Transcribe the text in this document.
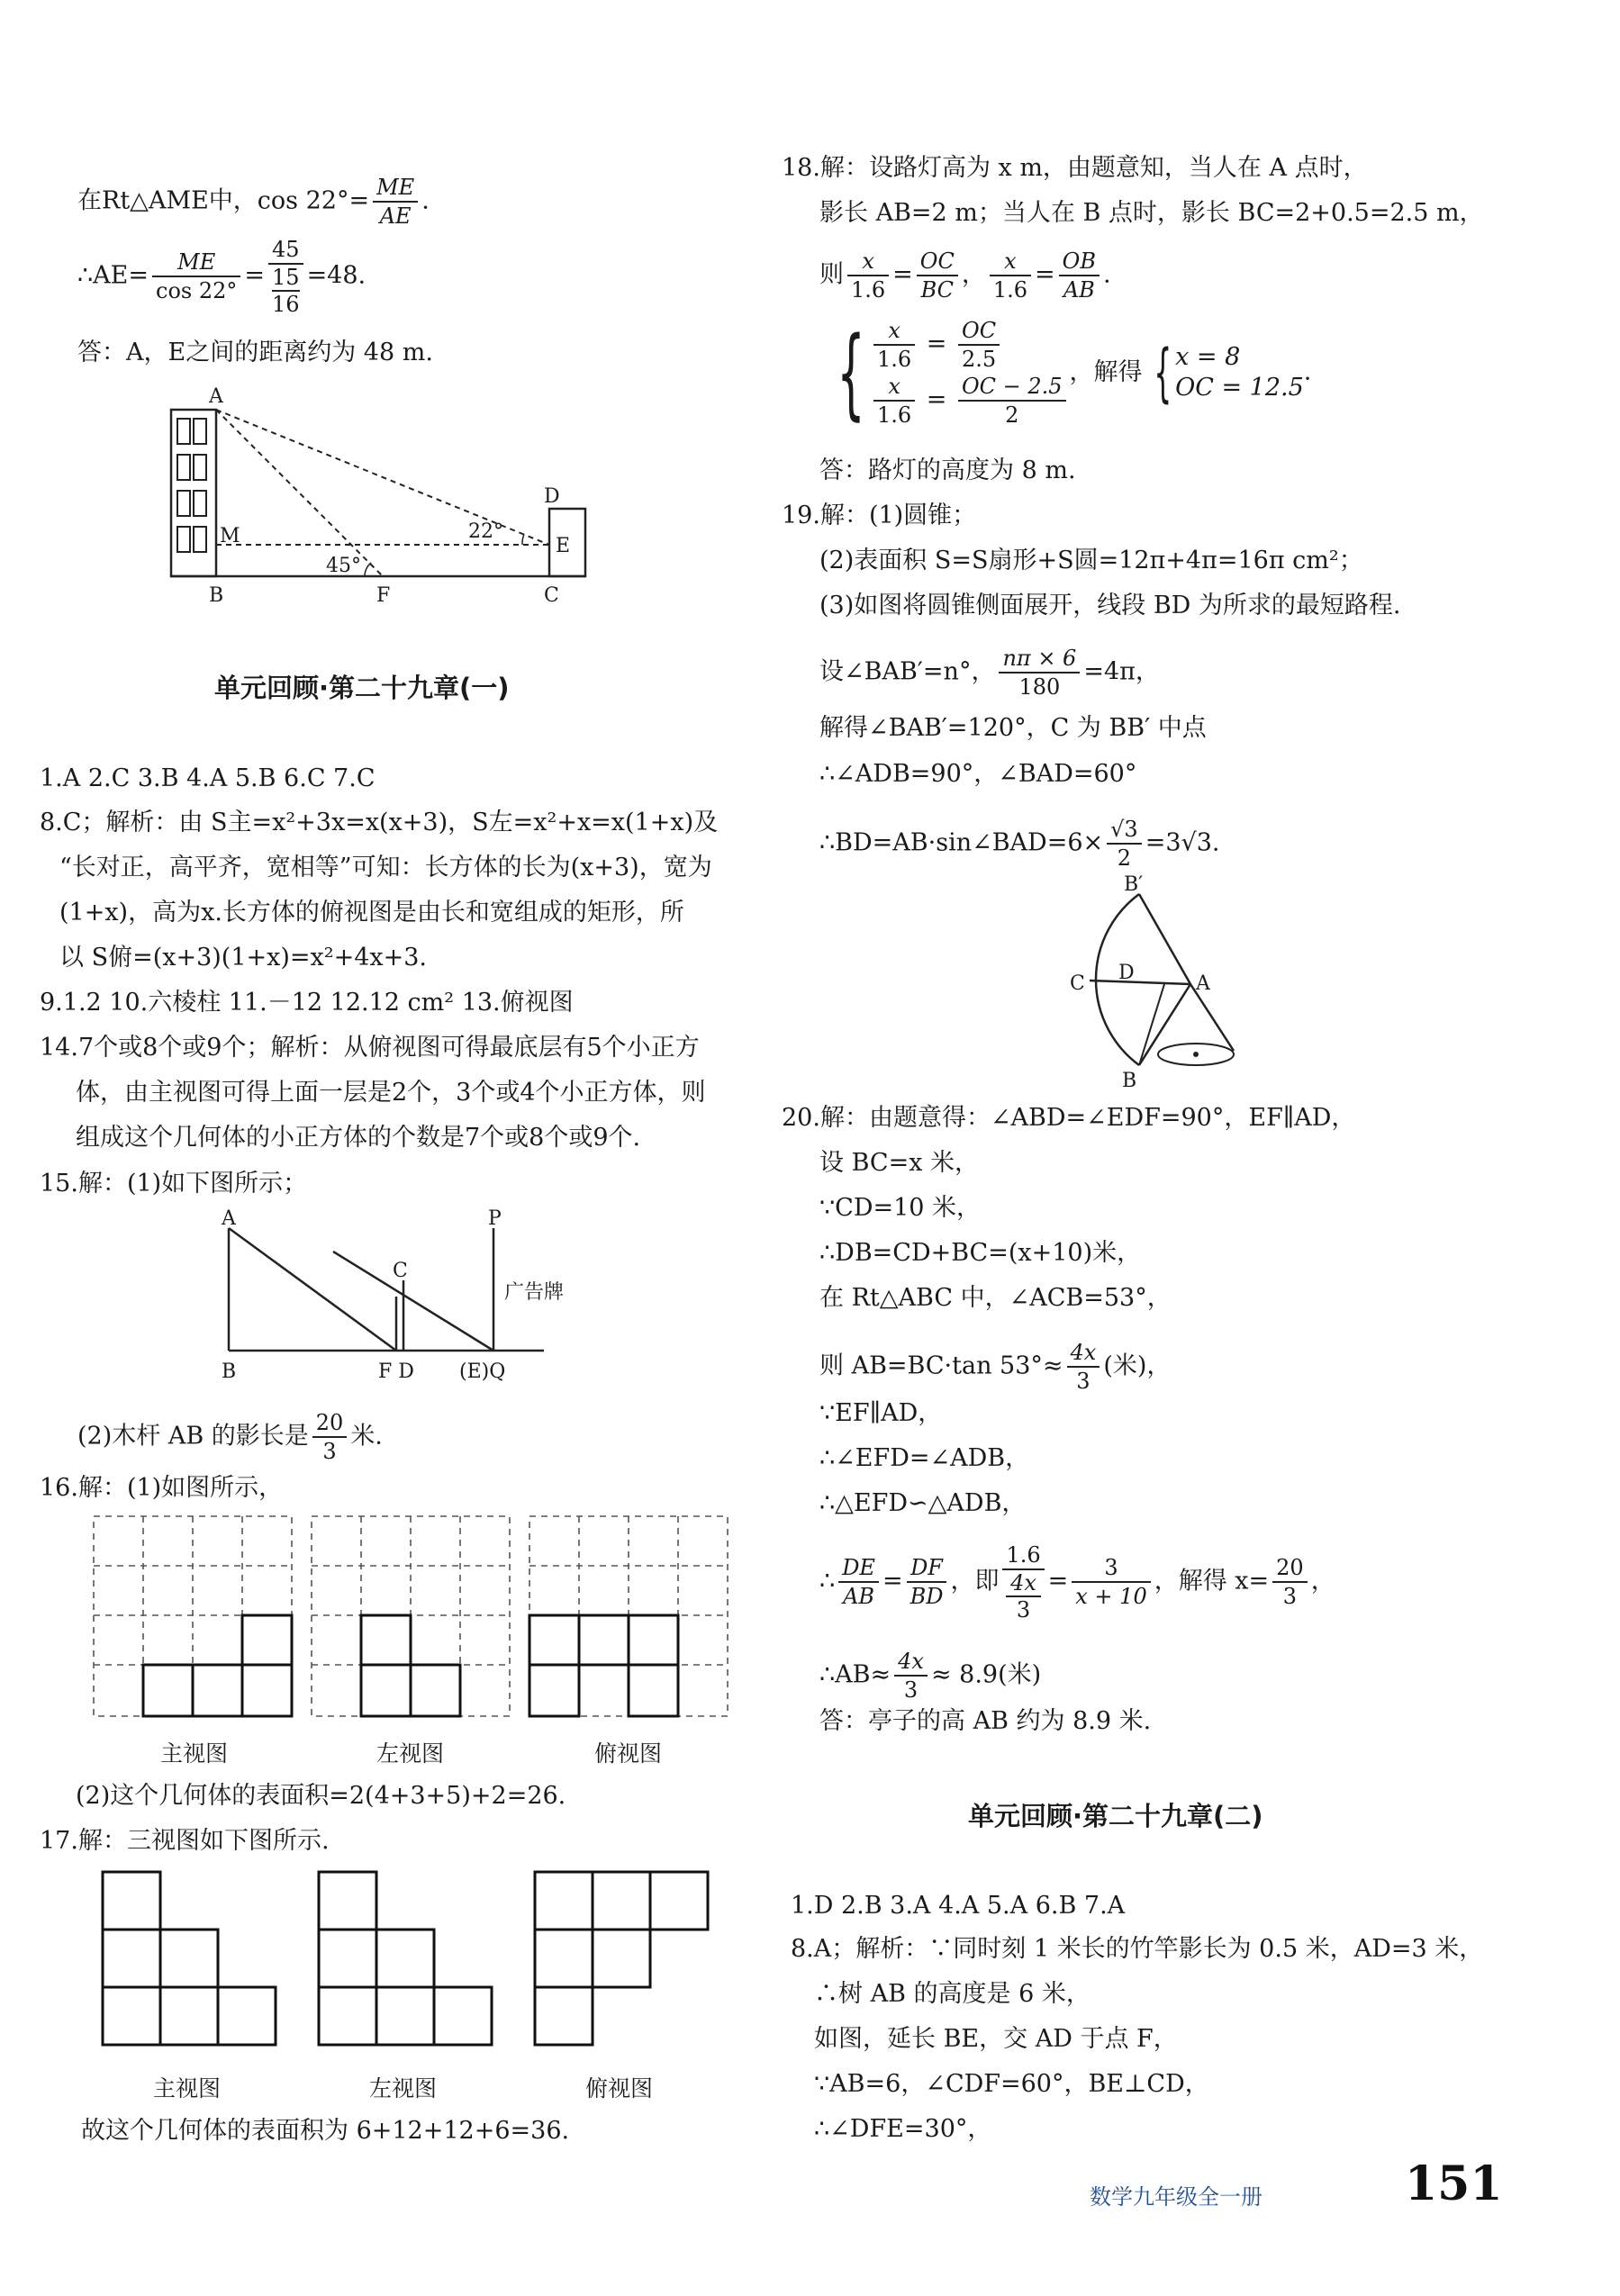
在Rt△AME中，$\cos 22^\circ= \frac{ME}{AE}$ .
∴AE= $\frac{ME}{\cos 22^\circ} = 45$
15
16 =48.
答：A，E之间的距离约为 48 m.
A
M
B	F	C
D
E
45°
22°
单元回顾·第二十九章(一)
1.A 2.C 3.B 4.A 5.B 6.C 7.C
8.C；解析：由 S主=x²+3x=x(x+3)，S左=x²+x=x(1+x)及
“长对正，高平齐，宽相等”可知：长方体的长为(x+3)，宽为
(1+x)，高为x.长方体的俯视图是由长和宽组成的矩形，所
以 S俯=(x+3)(1+x)=x²+4x+3.
9.1.2 10.六棱柱 11.－12 12.12 cm² 13.俯视图
14.7个或8个或9个；解析：从俯视图可得最底层有5个小正方
体，由主视图可得上面一层是2个，3个或4个小正方体，则
组成这个几何体的小正方体的个数是7个或8个或9个.
15.解：(1)如下图所示；
A
B
C
P
F D (E)Q
广告牌
(2)木杆 AB 的影长是 $\frac{20}{3}$ 米.
16.解：(1)如图所示，
主视图	左视图	俯视图
(2)这个几何体的表面积=2(4+3+5)+2=26.
17.解：三视图如下图所示.
主视图	左视图	俯视图
故这个几何体的表面积为 6+12+12+6=36.
18.解：设路灯高为 x m，由题意知，当人在 A 点时，
影长 AB=2 m；当人在 B 点时，影长 BC=2+0.5=2.5 m，
则 $\frac{x}{1.6} = \frac{OC}{BC}$ ， $\frac{x}{1.6} = \frac{OB}{AB}$ .
{ $\frac{x}{1.6} = \frac{OC}{2.5}$
$\frac{x}{1.6} = \frac{OC - 2.5}{2}$
，解得 { x = 8
OC = 12.5
.
答：路灯的高度为 8 m.
19.解：(1)圆锥；
(2)表面积 S=S扇形+S圆=12π+4π=16π cm²；
(3)如图将圆锥侧面展开，线段 BD 为所求的最短路程.
设∠BAB′=n°， $\frac{n\pi \times 6}{180} =4\pi$，
解得∠BAB′=120°，C 为 BB′ 中点
∴∠ADB=90°，∠BAD=60°
∴BD=AB·sin∠BAD=6× $\frac{√3}{2} =3√3$.
B′
C D	A
B
20.解：由题意得：∠ABD=∠EDF=90°，EF∥AD，
设 BC=x 米，
∵CD=10 米，
∴DB=CD+BC=(x+10)米，
在 Rt△ABC 中，∠ACB=53°，
则 AB=BC·tan $53^\circ\approx \frac{4x}{3}$ (米)，
∵EF∥AD，
∴∠EFD=∠ADB，
∴△EFD∽△ADB，
∴ $\frac{DE}{AB} = \frac{DF}{BD}$ ，即 1.6
4x
$3 = \frac{3}{x + 10}$ ，解得 $x= \frac{20}{3}$ ，
∴AB≈ $\frac{4x}{3} \approx 8.9$(米)
答：亭子的高 AB 约为 8.9 米.
单元回顾·第二十九章(二)
1.D 2.B 3.A 4.A 5.A 6.B 7.A
8.A；解析：∵同时刻 1 米长的竹竿影长为 0.5 米，AD=3 米，
∴树 AB 的高度是 6 米，
如图，延长 BE，交 AD 于点 F，
∵AB=6，∠CDF=60°，BE⊥CD，
∴∠DFE=30°，
数学九年级全一册	151
